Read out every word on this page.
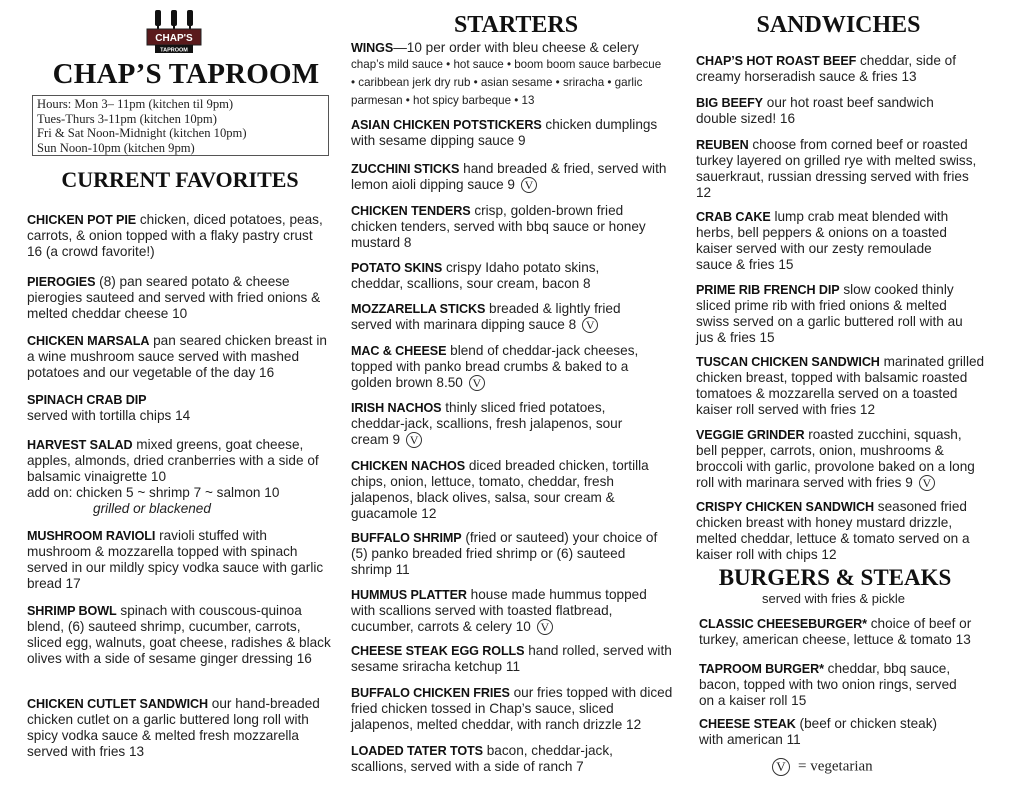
CHAP'S
TAPROOM
CHAP’S TAPROOM
Hours: Mon 3– 11pm (kitchen til 9pm)
Tues-Thurs 3-11pm (kitchen 10pm)
Fri & Sat Noon-Midnight (kitchen 10pm)
Sun Noon-10pm (kitchen 9pm)
CURRENT FAVORITES
CHICKEN POT PIE chicken, diced potatoes, peas, carrots, & onion topped with a flaky pastry crust 16 (a crowd favorite!)
PIEROGIES (8) pan seared potato & cheese pierogies sauteed and served with fried onions & melted cheddar cheese 10
CHICKEN MARSALA pan seared chicken breast in a wine mushroom sauce served with mashed potatoes and our vegetable of the day 16
SPINACH CRAB DIP
served with tortilla chips 14
HARVEST SALAD mixed greens, goat cheese, apples, almonds, dried cranberries with a side of balsamic vinaigrette 10
add on: chicken 5 ~ shrimp 7 ~ salmon 10
grilled or blackened
MUSHROOM RAVIOLI ravioli stuffed with mushroom & mozzarella topped with spinach served in our mildly spicy vodka sauce with garlic bread 17
SHRIMP BOWL spinach with couscous-quinoa blend, (6) sauteed shrimp, cucumber, carrots, sliced egg, walnuts, goat cheese, radishes & black olives with a side of sesame ginger dressing 16
CHICKEN CUTLET SANDWICH our hand-breaded chicken cutlet on a garlic buttered long roll with spicy vodka sauce & melted fresh mozzarella served with fries 13
STARTERS
WINGS—10 per order with bleu cheese & celery
chap’s mild sauce • hot sauce • boom boom sauce barbecue • caribbean jerk dry rub • asian sesame • sriracha • garlic parmesan • hot spicy barbeque • 13
ASIAN CHICKEN POTSTICKERS chicken dumplings with sesame dipping sauce 9
ZUCCHINI STICKS hand breaded & fried, served with lemon aioli dipping sauce 9 V
CHICKEN TENDERS crisp, golden-brown fried chicken tenders, served with bbq sauce or honey mustard 8
POTATO SKINS crispy Idaho potato skins, cheddar, scallions, sour cream, bacon 8
MOZZARELLA STICKS breaded & lightly fried served with marinara dipping sauce 8 V
MAC & CHEESE blend of cheddar-jack cheeses, topped with panko bread crumbs & baked to a golden brown 8.50 V
IRISH NACHOS thinly sliced fried potatoes, cheddar-jack, scallions, fresh jalapenos, sour cream 9 V
CHICKEN NACHOS diced breaded chicken, tortilla chips, onion, lettuce, tomato, cheddar, fresh jalapenos, black olives, salsa, sour cream & guacamole 12
BUFFALO SHRIMP (fried or sauteed) your choice of (5) panko breaded fried shrimp or (6) sauteed shrimp 11
HUMMUS PLATTER house made hummus topped with scallions served with toasted flatbread, cucumber, carrots & celery 10 V
CHEESE STEAK EGG ROLLS hand rolled, served with sesame sriracha ketchup 11
BUFFALO CHICKEN FRIES our fries topped with diced fried chicken tossed in Chap’s sauce, sliced jalapenos, melted cheddar, with ranch drizzle 12
LOADED TATER TOTS bacon, cheddar-jack, scallions, served with a side of ranch 7
SANDWICHES
CHAP’S HOT ROAST BEEF cheddar, side of creamy horseradish sauce & fries 13
BIG BEEFY our hot roast beef sandwich double sized! 16
REUBEN choose from corned beef or roasted turkey layered on grilled rye with melted swiss, sauerkraut, russian dressing served with fries 12
CRAB CAKE lump crab meat blended with herbs, bell peppers & onions on a toasted kaiser served with our zesty remoulade sauce & fries 15
PRIME RIB FRENCH DIP slow cooked thinly sliced prime rib with fried onions & melted swiss served on a garlic buttered roll with au jus & fries 15
TUSCAN CHICKEN SANDWICH marinated grilled chicken breast, topped with balsamic roasted tomatoes & mozzarella served on a toasted kaiser roll served with fries 12
VEGGIE GRINDER roasted zucchini, squash, bell pepper, carrots, onion, mushrooms & broccoli with garlic, provolone baked on a long roll with marinara served with fries 9 V
CRISPY CHICKEN SANDWICH seasoned fried chicken breast with honey mustard drizzle, melted cheddar, lettuce & tomato served on a kaiser roll with chips 12
BURGERS & STEAKS
served with fries & pickle
CLASSIC CHEESEBURGER* choice of beef or turkey, american cheese, lettuce & tomato 13
TAPROOM BURGER* cheddar, bbq sauce, bacon, topped with two onion rings, served on a kaiser roll 15
CHEESE STEAK (beef or chicken steak) with american 11
V = vegetarian
